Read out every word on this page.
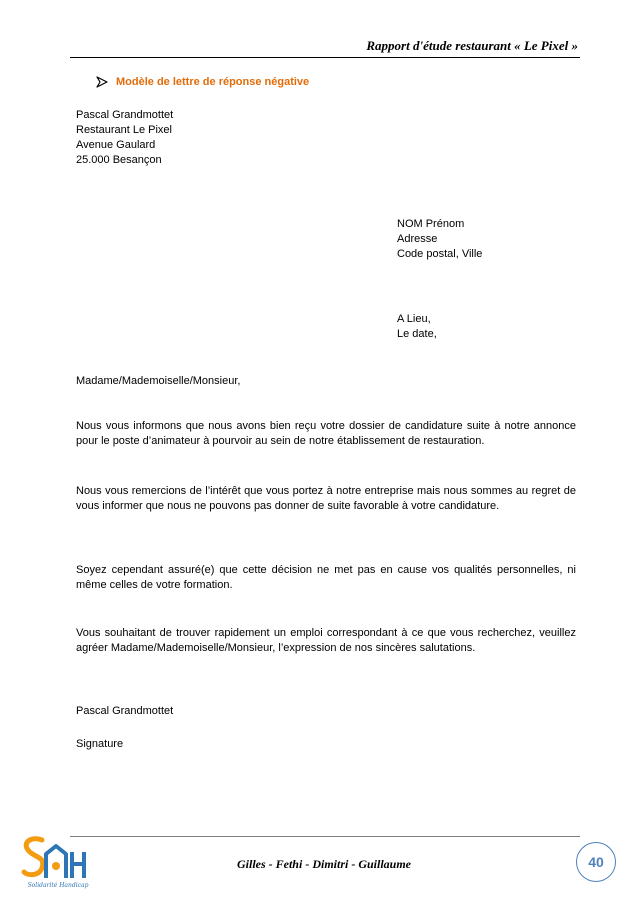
Rapport d'étude restaurant « Le Pixel »
Modèle de lettre de réponse négative
Pascal Grandmottet
Restaurant Le Pixel
Avenue Gaulard
25.000 Besançon
NOM Prénom
Adresse
Code postal, Ville
A Lieu,
Le date,
Madame/Mademoiselle/Monsieur,
Nous vous informons que nous avons bien reçu votre dossier de candidature suite à notre annonce pour le poste d’animateur à pourvoir au sein de notre établissement de restauration.
Nous vous remercions de l’intérêt que vous portez à notre entreprise mais nous sommes au regret de vous informer que nous ne pouvons pas donner de suite favorable à votre candidature.
Soyez cependant assuré(e) que cette décision ne met pas en cause vos qualités personnelles, ni même celles de votre formation.
Vous souhaitant de trouver rapidement un emploi correspondant à ce que vous recherchez, veuillez agréer Madame/Mademoiselle/Monsieur, l’expression de nos sincères salutations.
Pascal Grandmottet
Signature
Solidarité Handicap
Gilles - Fethi - Dimitri - Guillaume	40
